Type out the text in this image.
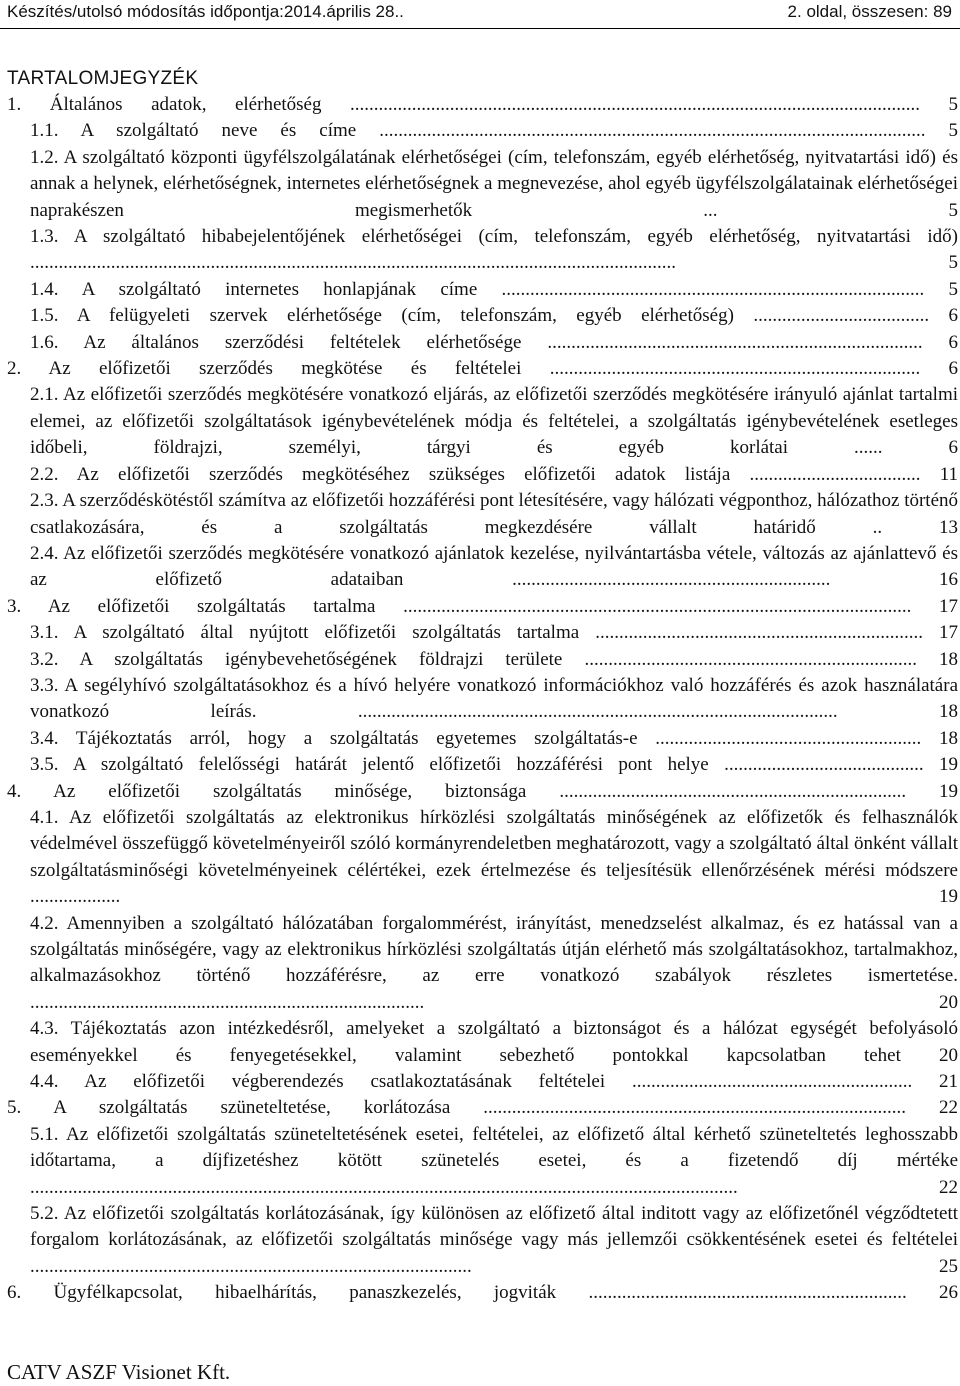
Készítés/utolsó módosítás időpontja:2014.április 28..	2. oldal, összesen: 89
TARTALOMJEGYZÉK

1. Általános adatok, elérhetőség ........................................................................................................................ 5

1.1. A szolgáltató neve és címe ................................................................................................................... 5

1.2. A szolgáltató központi ügyfélszolgálatának elérhetőségei (cím, telefonszám, egyéb elérhetőség, nyitvatartási idő) és annak a helynek, elérhetőségnek, internetes elérhetőségnek a megnevezése, ahol egyéb ügyfélszolgálatainak elérhetőségei naprakészen megismerhetők	...	5

1.3. A szolgáltató hibabejelentőjének elérhetőségei (cím, telefonszám, egyéb elérhetőség, nyitvatartási idő) ........................................................................................................................................	5

1.4. A szolgáltató internetes honlapjának címe ......................................................................................... 5

1.5. A felügyeleti szervek elérhetősége (cím, telefonszám, egyéb elérhetőség) ..................................... 6

1.6. Az általános szerződési feltételek elérhetősége ............................................................................... 6

2. Az előfizetői szerződés megkötése és feltételei .............................................................................. 6

2.1. Az előfizetői szerződés megkötésére vonatkozó eljárás, az előfizetői szerződés megkötésére irányuló ajánlat tartalmi elemei, az előfizetői szolgáltatások igénybevételének módja és feltételei, a szolgáltatás igénybevételének esetleges időbeli, földrajzi, személyi, tárgyi és egyéb korlátai	......	6

2.2. Az előfizetői szerződés megkötéséhez szükséges előfizetői adatok listája .................................... 11

2.3. A szerződéskötéstől számítva az előfizetői hozzáférési pont létesítésére, vagy hálózati végponthoz, hálózathoz történő csatlakozására, és a szolgáltatás megkezdésére vállalt határidő	..	13

2.4. Az előfizetői szerződés megkötésére vonatkozó ajánlatok kezelése, nyilvántartásba vétele, változás az ajánlattevő és az előfizető adataiban	...................................................................	16

3. Az előfizetői szolgáltatás tartalma ........................................................................................................... 17

3.1. A szolgáltató által nyújtott előfizetői szolgáltatás tartalma ..................................................................... 17

3.2. A szolgáltatás igénybevehetőségének földrajzi területe ...................................................................... 18

3.3. A segélyhívó szolgáltatásokhoz és a hívó helyére vonatkozó információkhoz való hozzáférés és azok használatára vonatkozó leírás.	.....................................................................................................	18

3.4. Tájékoztatás arról, hogy a szolgáltatás egyetemes szolgáltatás-e ........................................................ 18

3.5. A szolgáltató felelősségi határát jelentő előfizetői hozzáférési pont helye .......................................... 19

4. Az előfizetői szolgáltatás minősége, biztonsága ......................................................................... 19

4.1. Az előfizetői szolgáltatás az elektronikus hírközlési szolgáltatás minőségének az előfizetők és felhasználók védelmével összefüggő követelményeiről szóló kormányrendeletben meghatározott, vagy a szolgáltató által önként vállalt szolgáltatásminőségi követelményeinek célértékei, ezek értelmezése és teljesítésük ellenőrzésének mérési módszere ...................	19

4.2. Amennyiben a szolgáltató hálózatában forgalommérést, irányítást, menedzselést alkalmaz, és ez hatással van a szolgáltatás minőségére, vagy az elektronikus hírközlési szolgáltatás útján elérhető más szolgáltatásokhoz, tartalmakhoz, alkalmazásokhoz történő hozzáférésre, az erre vonatkozó szabályok részletes ismertetése. ...................................................................................	20

4.3. Tájékoztatás azon intézkedésről, amelyeket a szolgáltató a biztonságot és a hálózat egységét befolyásoló eseményekkel és fenyegetésekkel, valamint sebezhető pontokkal kapcsolatban tehet 20

4.4. Az előfizetői végberendezés csatlakoztatásának feltételei ........................................................... 21

5. A szolgáltatás szüneteltetése, korlátozása ......................................................................................... 22

5.1. Az előfizetői szolgáltatás szüneteltetésének esetei, feltételei, az előfizető által kérhető szüneteltetés leghosszabb időtartama, a díjfizetéshez kötött szünetelés esetei, és a fizetendő díj mértéke .....................................................................................................................................................	22

5.2. Az előfizetői szolgáltatás korlátozásának, így különösen az előfizető által inditott vagy az előfizetőnél végződtetett forgalom korlátozásának, az előfizetői szolgáltatás minősége vagy más jellemzői csökkentésének esetei és feltételei .............................................................................................	25

6. Ügyfélkapcsolat, hibaelhárítás, panaszkezelés, jogviták ................................................................... 26

CATV ASZF Visionet Kft.
